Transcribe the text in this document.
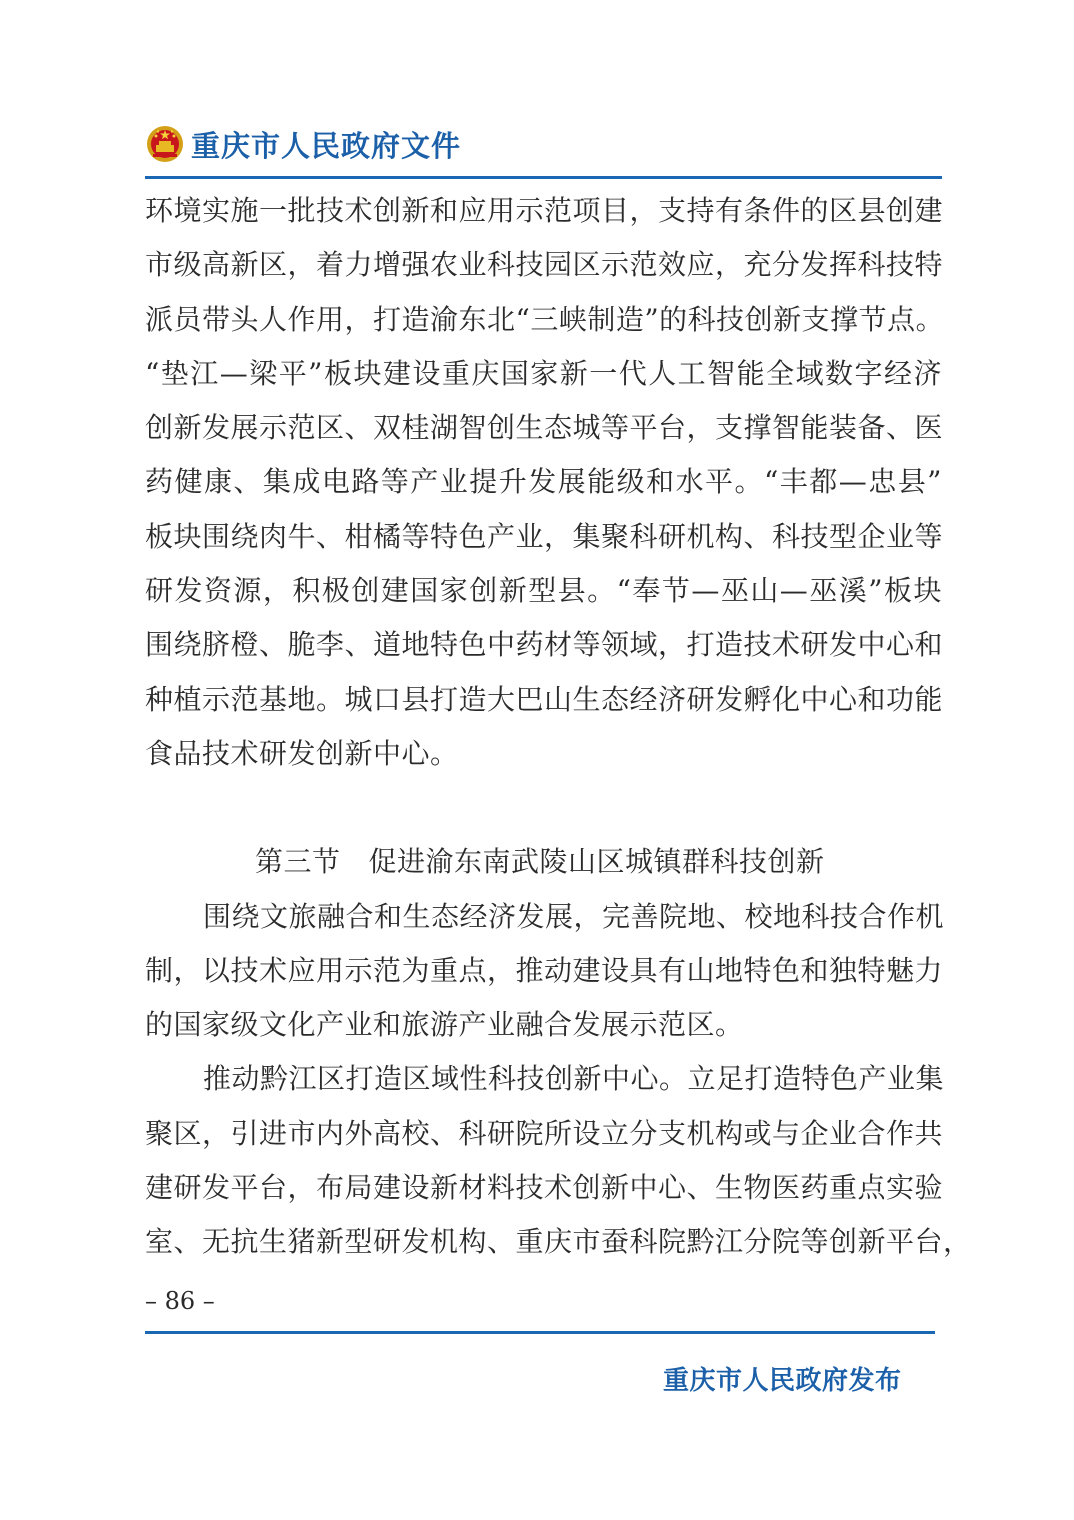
重庆市人民政府文件
环境实施一批技术创新和应用示范项目，支持有条件的区县创建
市级高新区，着力增强农业科技园区示范效应，充分发挥科技特
派员带头人作用，打造渝东北“三峡制造”的科技创新支撑节点。
“垫江—梁平”板块建设重庆国家新一代人工智能全域数字经济
创新发展示范区、双桂湖智创生态城等平台，支撑智能装备、医
药健康、集成电路等产业提升发展能级和水平。“丰都—忠县”
板块围绕肉牛、柑橘等特色产业，集聚科研机构、科技型企业等
研发资源，积极创建国家创新型县。“奉节—巫山—巫溪”板块
围绕脐橙、脆李、道地特色中药材等领域，打造技术研发中心和
种植示范基地。城口县打造大巴山生态经济研发孵化中心和功能
食品技术研发创新中心。
第三节 促进渝东南武陵山区城镇群科技创新
围绕文旅融合和生态经济发展，完善院地、校地科技合作机
制，以技术应用示范为重点，推动建设具有山地特色和独特魅力
的国家级文化产业和旅游产业融合发展示范区。
推动黔江区打造区域性科技创新中心。立足打造特色产业集
聚区，引进市内外高校、科研院所设立分支机构或与企业合作共
建研发平台，布局建设新材料技术创新中心、生物医药重点实验
室、无抗生猪新型研发机构、重庆市蚕科院黔江分院等创新平台，
– 86 –
重庆市人民政府发布
